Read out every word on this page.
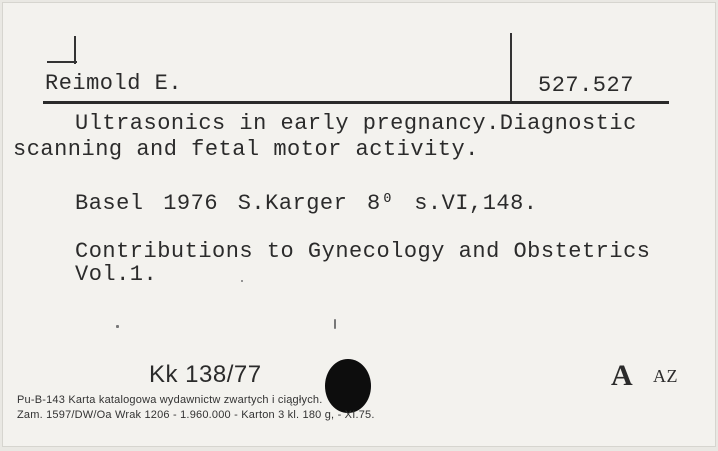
Reimold E.	527.527
Ultrasonics in early pregnancy.Diagnostic
scanning and fetal motor activity.
Basel 1976 S.Karger 8⁰ s.VI,148.
Contributions to Gynecology and Obstetrics
Vol.1.
Kk 138/77	A AZ
Pu-B-143 Karta katalogowa wydawnictw zwartych i ciągłych.
Zam. 1597/DW/Oa Wrak 1206 - 1.960.000 - Karton 3 kl. 180 g, - XI.75.
